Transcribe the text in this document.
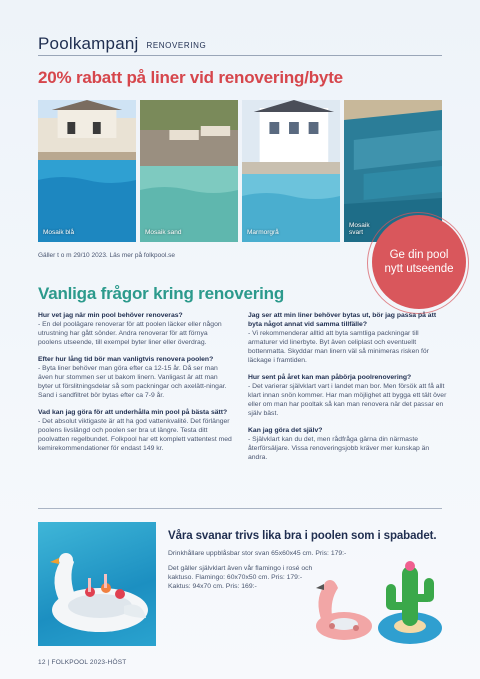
Poolkampanj RENOVERING
20% rabatt på liner vid renovering/byte
Mosaik blå	Mosaik sand	Marmorgrå
Mosaik svart
Gäller t o m 29/10 2023. Läs mer på folkpool.se	Ge din pool nytt utseende
Vanliga frågor kring renovering

Hur vet jag när min pool behöver renoveras?

- En del poolägare renoverar för att poolen läcker eller någon utrustning har gått sönder. Andra renoverar för att förnya poolens utseende, till exempel byter liner eller överdrag.

Efter hur lång tid bör man vanligtvis renovera poolen?

- Byta liner behöver man göra efter ca 12-15 år. Då ser man även hur stommen ser ut bakom linern. Vanligast är att man byter ut förslitningsdelar så som packningar och axelätt-ningar. Sand i sandfiltret bör bytas efter ca 7-9 år.

Vad kan jag göra för att underhålla min pool på bästa sätt?

- Det absolut viktigaste är att ha god vattenkvalité. Det förlänger poolens livslängd och poolen ser bra ut längre. Testa ditt poolvatten regelbundet. Folkpool har ett komplett vattentest med kemirekommendationer för endast 149 kr.

Jag ser att min liner behöver bytas ut, bör jag passa på att byta något annat vid samma tillfälle?

- Vi rekommenderar alltid att byta samtliga packningar till armaturer vid linerbyte. Byt även celiplast och eventuellt bottenmatta. Skyddar man linern väl så minimeras risken för läckage i framtiden.

Hur sent på året kan man påbörja poolrenovering?

- Det varierar självklart vart i landet man bor. Men försök att få allt klart innan snön kommer. Har man möjlighet att bygga ett tält över eller om man har pooltak så kan man renovera när det passar en själv bäst.

Kan jag göra det själv?

- Självklart kan du det, men rådfråga gärna din närmaste återförsäljare. Vissa renoveringsjobb kräver mer kunskap än andra.

Våra svanar trivs lika bra i poolen som i spabadet.

Drinkhållare uppblåsbar stor svan 65x60x45 cm. Pris: 179:-

Det gäller självklart även vår flamingo i rosé och kaktuso. Flamingo: 60x70x50 cm. Pris: 179:- Kaktus: 94x70 cm. Pris: 169:-

12 | FOLKPOOL 2023-HÖST
